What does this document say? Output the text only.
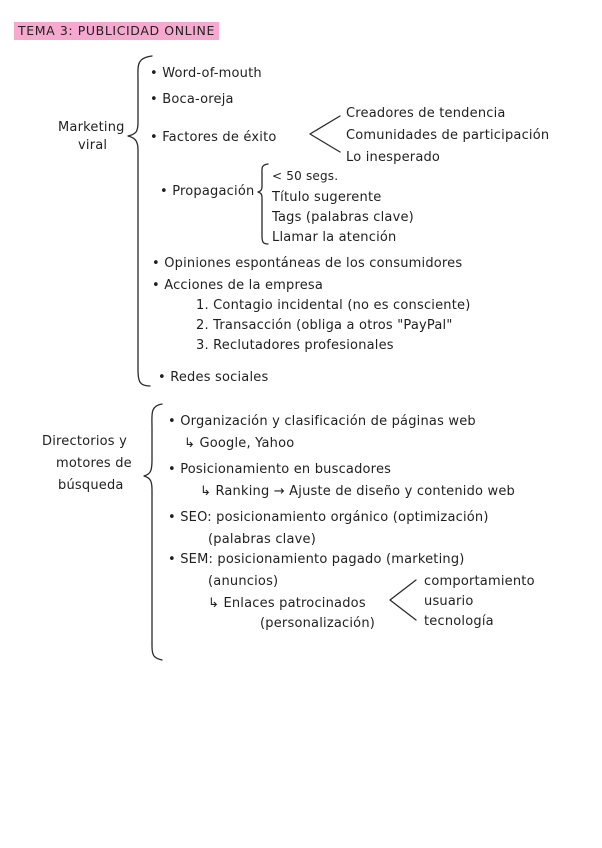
TEMA 3: PUBLICIDAD ONLINE
Marketing
viral
• Word-of-mouth
• Boca-oreja
• Factores de éxito
Creadores de tendencia
Comunidades de participación
Lo inesperado
• Propagación
< 50 segs.
Título sugerente
Tags (palabras clave)
Llamar la atención
• Opiniones espontáneas de los consumidores
• Acciones de la empresa
1. Contagio incidental (no es consciente)
2. Transacción (obliga a otros "PayPal"
3. Reclutadores profesionales
• Redes sociales
Directorios y
motores de
búsqueda
• Organización y clasificación de páginas web
↳ Google, Yahoo
• Posicionamiento en buscadores
↳ Ranking → Ajuste de diseño y contenido web
• SEO: posicionamiento orgánico (optimización)
(palabras clave)
• SEM: posicionamiento pagado (marketing)
(anuncios)
↳ Enlaces patrocinados
(personalización)
comportamiento
usuario
tecnología
